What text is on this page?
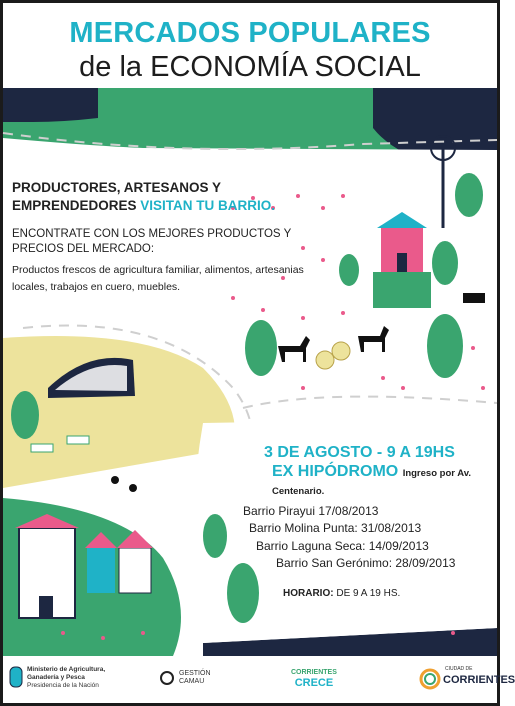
MERCADOS POPULARES
de la ECONOMÍA SOCIAL
PRODUCTORES, ARTESANOS Y
EMPRENDEDORES VISITAN TU BARRIO.
ENCONTRATE CON LOS MEJORES PRODUCTOS Y
PRECIOS DEL MERCADO:
Productos frescos de agricultura familiar, alimentos, artesanias
locales, trabajos en cuero, muebles.
3 DE AGOSTO - 9 A 19HS
EX HIPÓDROMO Ingreso por Av. Centenario.
Barrio Pirayui 17/08/2013
Barrio Molina Punta: 31/08/2013
Barrio Laguna Seca: 14/09/2013
Barrio San Gerónimo: 28/09/2013
HORARIO: DE 9 A 19 HS.
Ministerio de Agricultura,
Ganadería y Pesca
Presidencia de la Nación
GESTIÓN
CAMAU
CORRIENTES
CRECE
CIUDAD DE
CORRIENTES
